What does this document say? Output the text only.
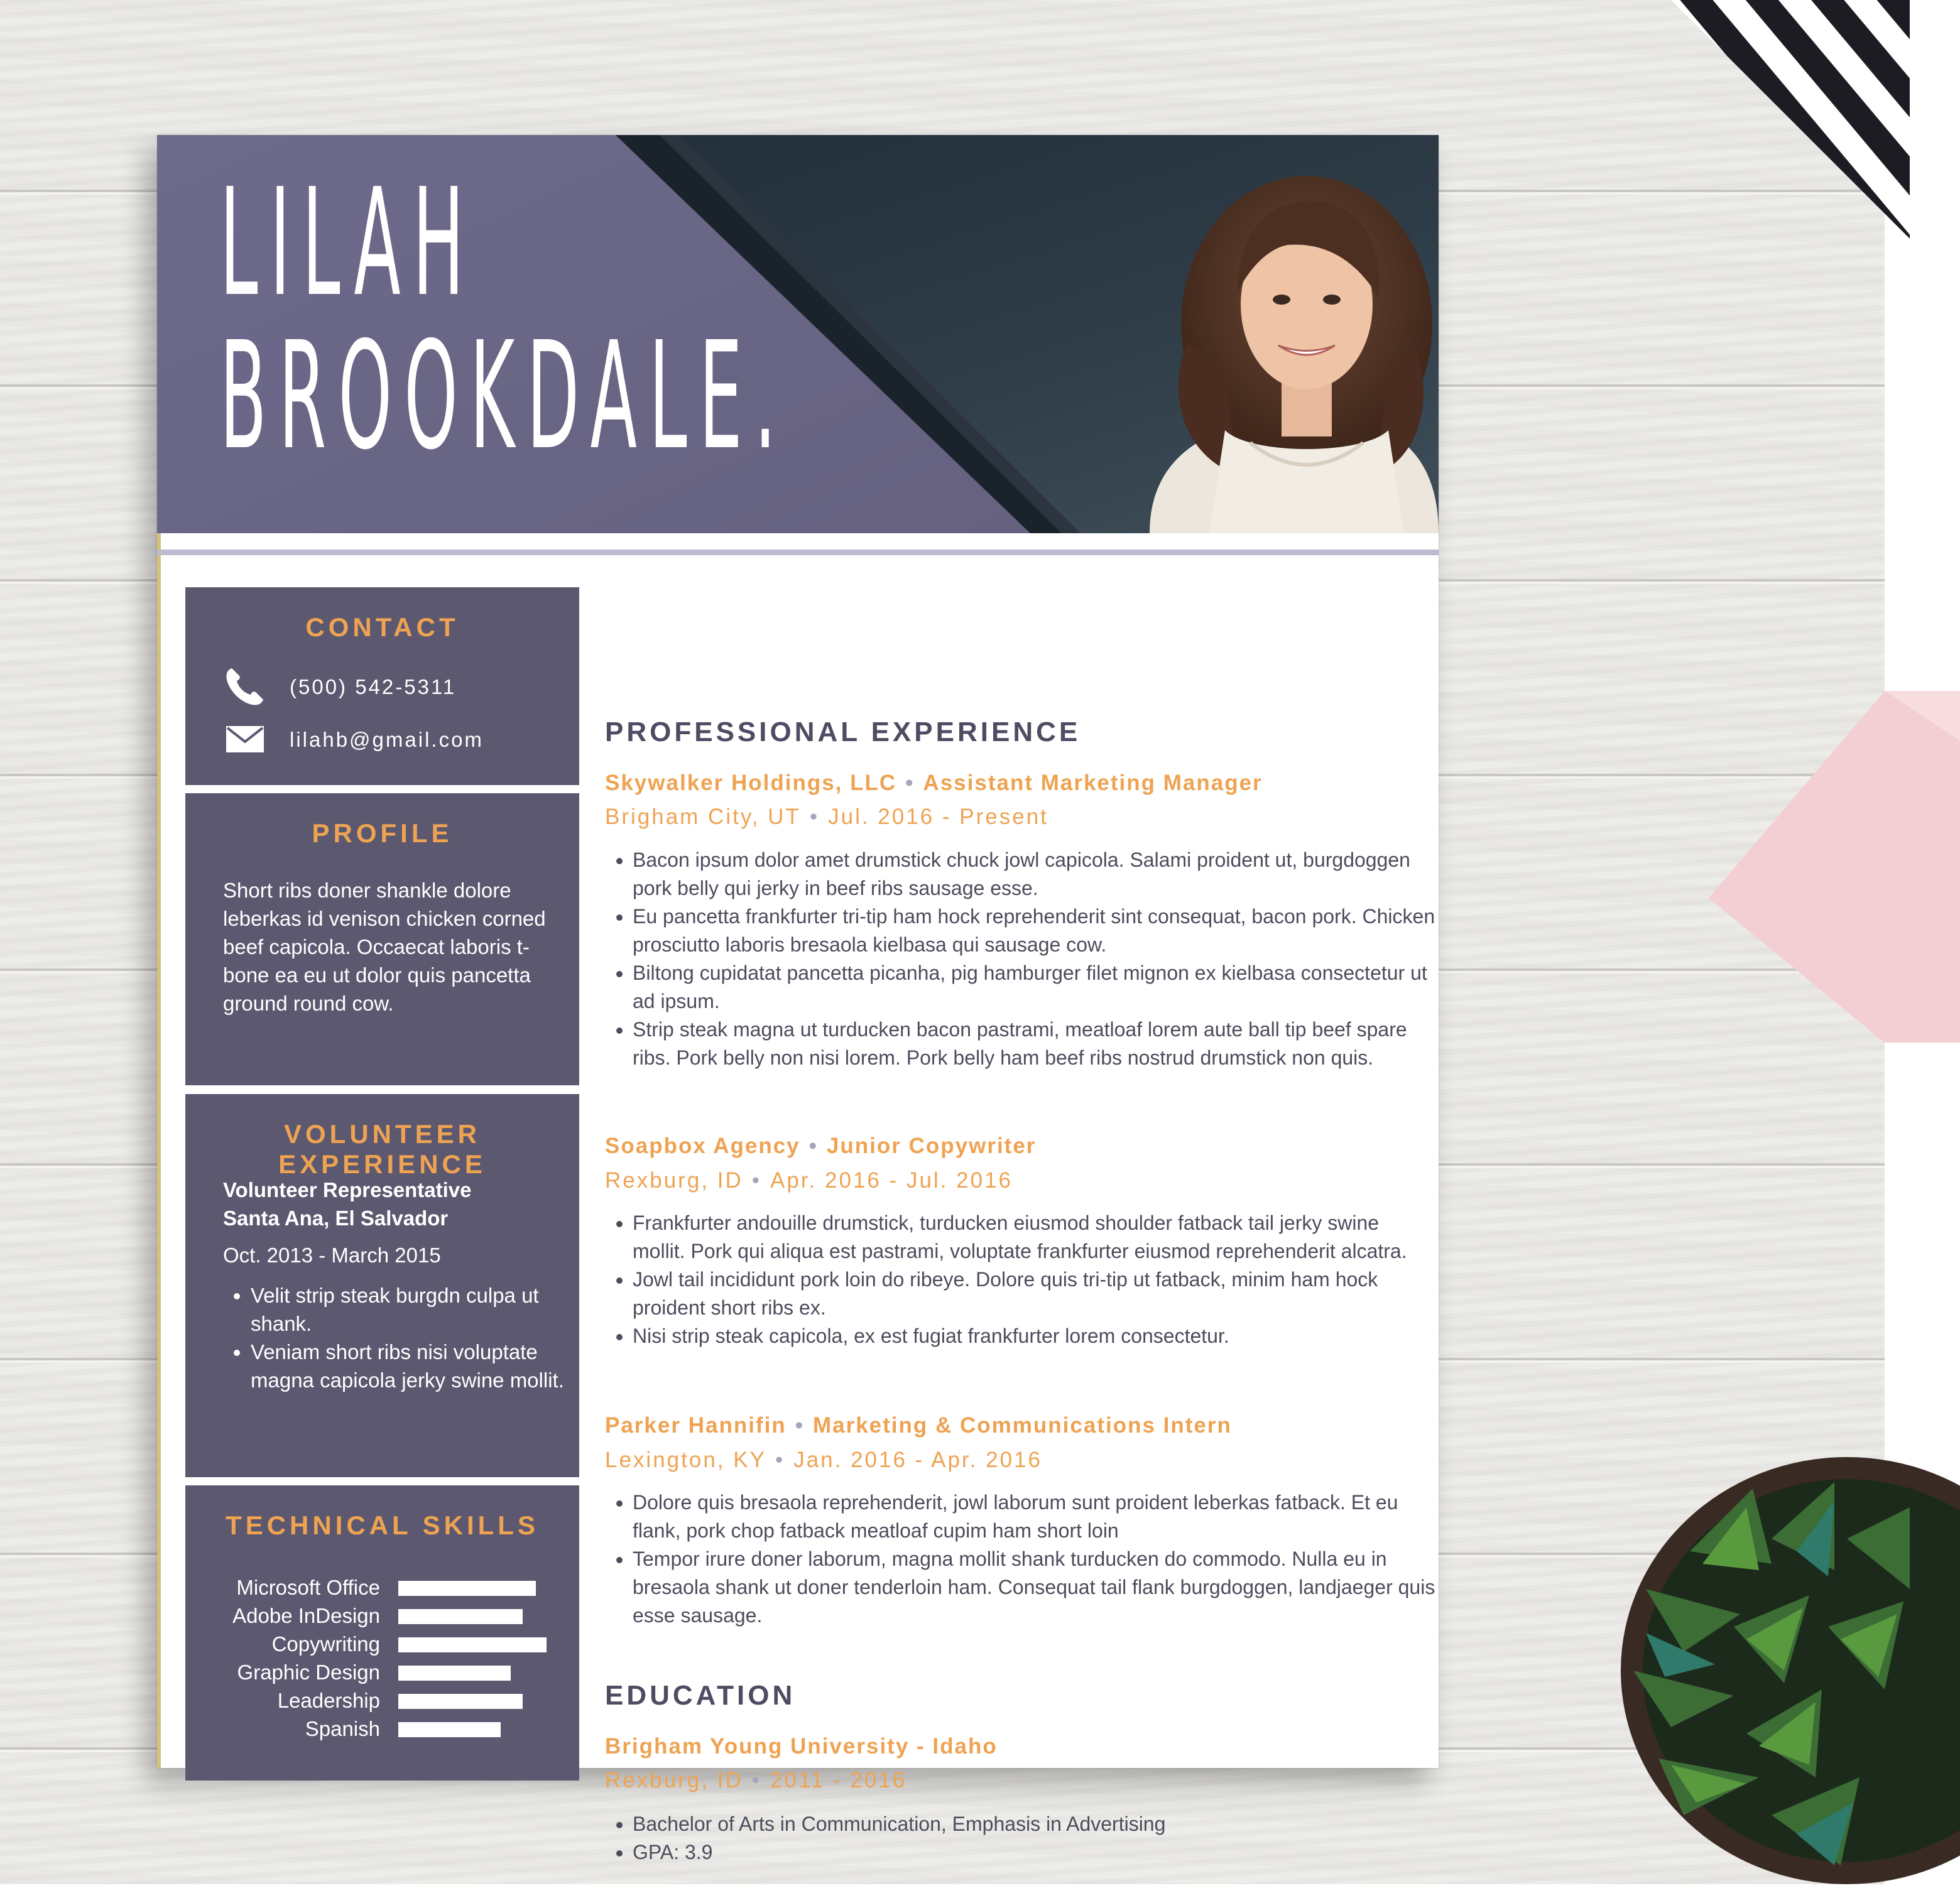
LILAH
BROOKDALE.
CONTACT
(500) 542-5311
lilahb@gmail.com
PROFILE

Short ribs doner shankle dolore leberkas id venison chicken corned beef capicola. Occaecat laboris t-bone ea eu ut dolor quis pancetta ground round cow.

VOLUNTEER EXPERIENCE
Volunteer Representative
Santa Ana, El Salvador

Oct. 2013 - March 2015

• Velit strip steak burgdn culpa ut shank.
• Veniam short ribs nisi voluptate magna capicola jerky swine mollit.
TECHNICAL SKILLS
Microsoft Office
Adobe InDesign
Copywriting
Graphic Design
Leadership
Spanish
PROFESSIONAL EXPERIENCE

Skywalker Holdings, LLC • Assistant Marketing Manager

Brigham City, UT • Jul. 2016 - Present

• Bacon ipsum dolor amet drumstick chuck jowl capicola. Salami proident ut, burgdoggen pork belly qui jerky in beef ribs sausage esse.
• Eu pancetta frankfurter tri-tip ham hock reprehenderit sint consequat, bacon pork. Chicken prosciutto laboris bresaola kielbasa qui sausage cow.
• Biltong cupidatat pancetta picanha, pig hamburger filet mignon ex kielbasa consectetur ut ad ipsum.
• Strip steak magna ut turducken bacon pastrami, meatloaf lorem aute ball tip beef spare ribs. Pork belly non nisi lorem. Pork belly ham beef ribs nostrud drumstick non quis.

Soapbox Agency • Junior Copywriter

Rexburg, ID • Apr. 2016 - Jul. 2016

• Frankfurter andouille drumstick, turducken eiusmod shoulder fatback tail jerky swine mollit. Pork qui aliqua est pastrami, voluptate frankfurter eiusmod reprehenderit alcatra.
• Jowl tail incididunt pork loin do ribeye. Dolore quis tri-tip ut fatback, minim ham hock proident short ribs ex.
• Nisi strip steak capicola, ex est fugiat frankfurter lorem consectetur.

Parker Hannifin • Marketing & Communications Intern

Lexington, KY • Jan. 2016 - Apr. 2016

• Dolore quis bresaola reprehenderit, jowl laborum sunt proident leberkas fatback. Et eu flank, pork chop fatback meatloaf cupim ham short loin
• Tempor irure doner laborum, magna mollit shank turducken do commodo. Nulla eu in bresaola shank ut doner tenderloin ham. Consequat tail flank burgdoggen, landjaeger quis esse sausage.
EDUCATION

Brigham Young University - Idaho

Rexburg, ID • 2011 - 2016

• Bachelor of Arts in Communication, Emphasis in Advertising
• GPA: 3.9
